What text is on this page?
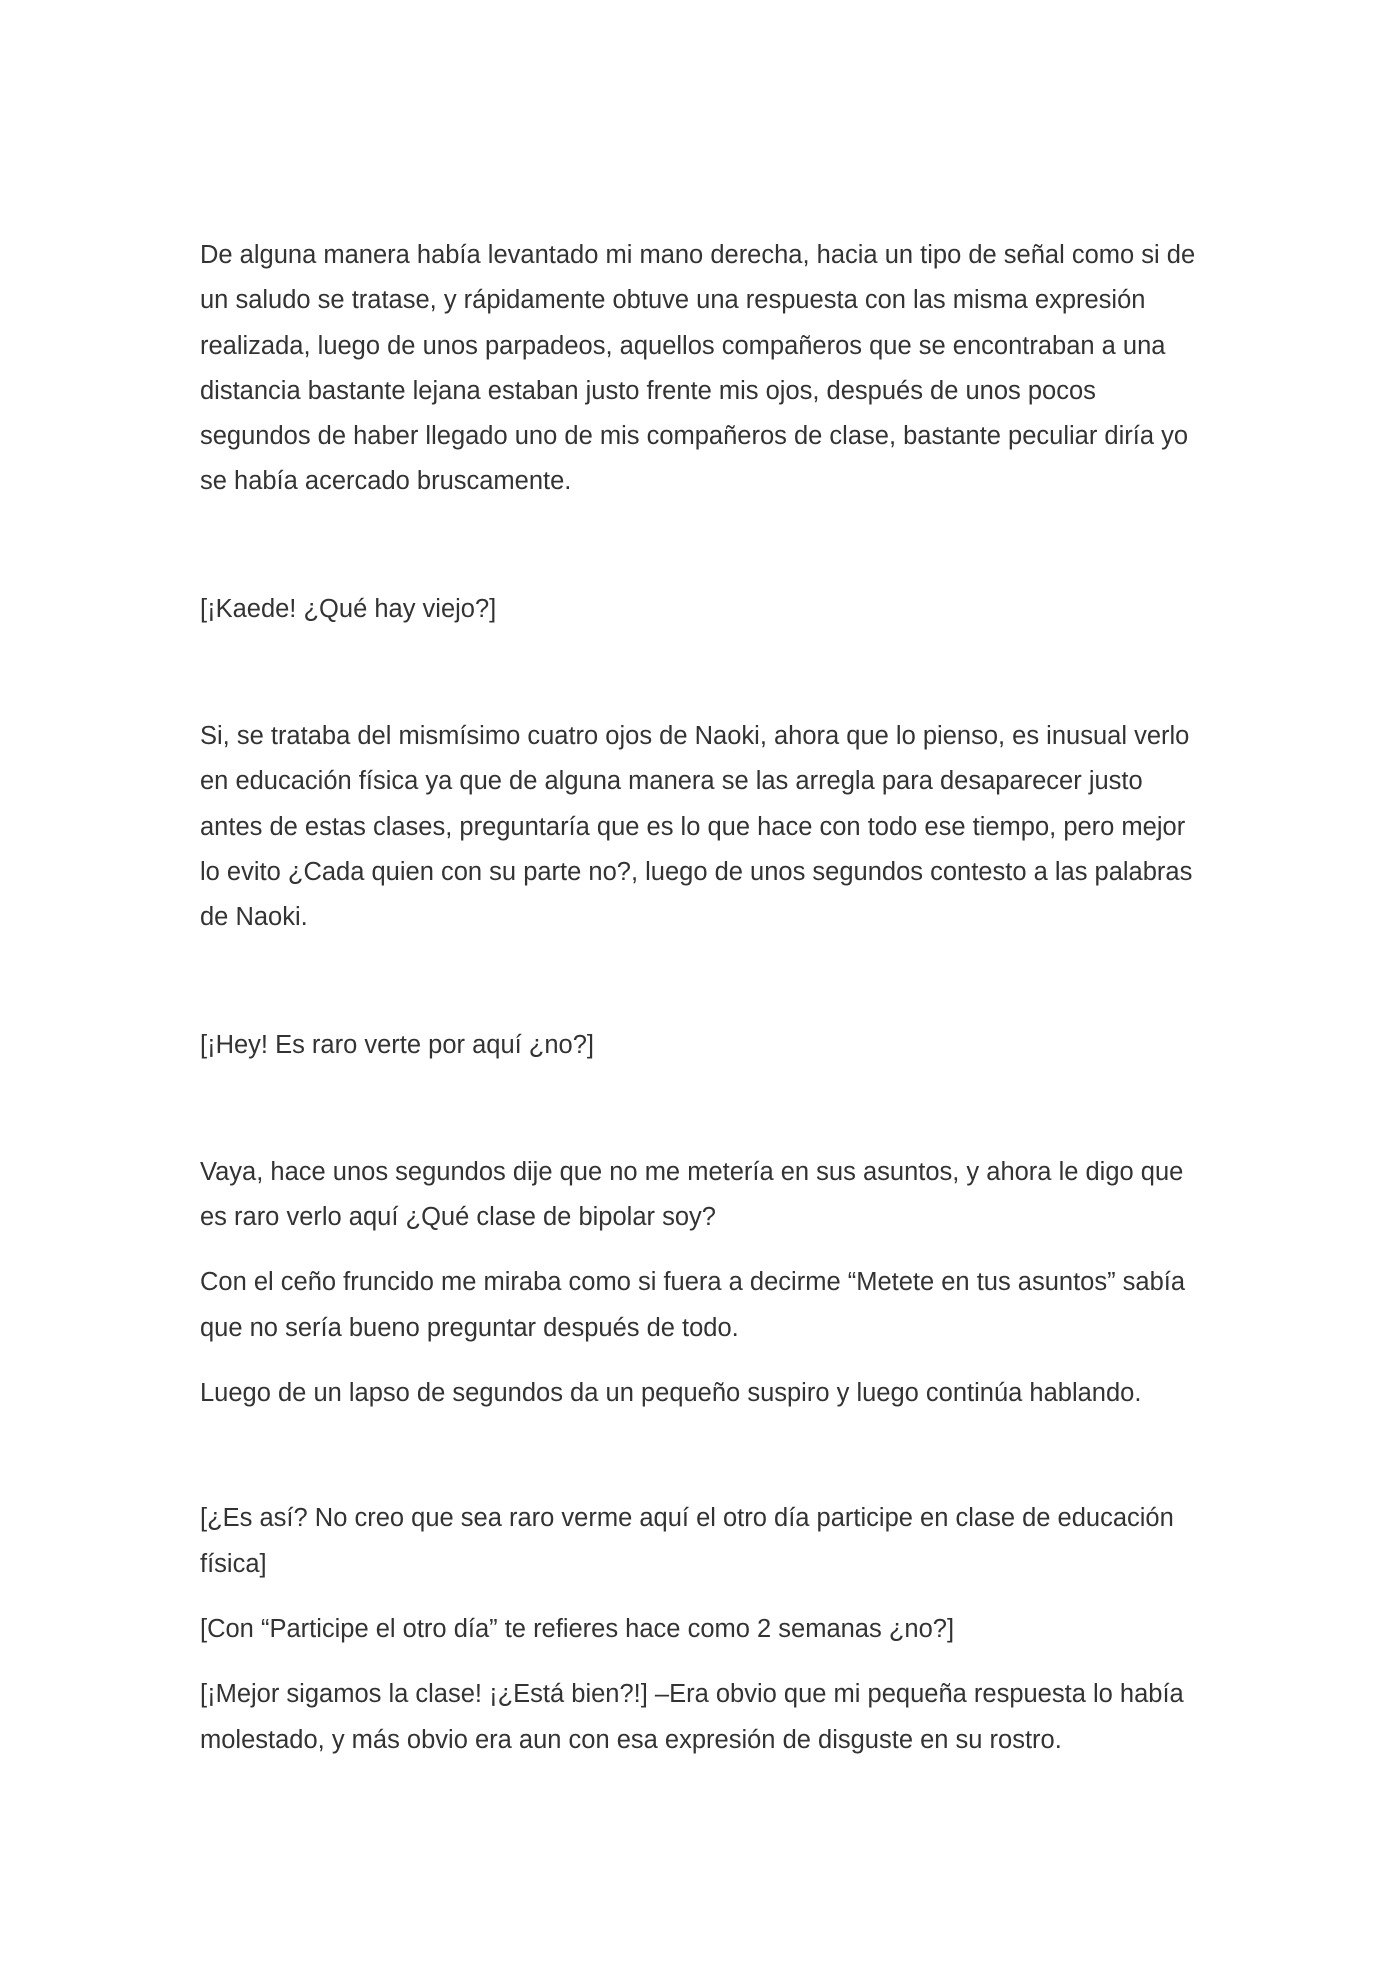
De alguna manera había levantado mi mano derecha, hacia un tipo de señal como si de un saludo se tratase, y rápidamente obtuve una respuesta con las misma expresión realizada, luego de unos parpadeos, aquellos compañeros que se encontraban a una distancia bastante lejana estaban justo frente mis ojos, después de unos pocos segundos de haber llegado uno de mis compañeros de clase, bastante peculiar diría yo se había acercado bruscamente.

[¡Kaede! ¿Qué hay viejo?]

Si, se trataba del mismísimo cuatro ojos de Naoki, ahora que lo pienso, es inusual verlo en educación física ya que de alguna manera se las arregla para desaparecer justo antes de estas clases, preguntaría que es lo que hace con todo ese tiempo, pero mejor lo evito ¿Cada quien con su parte no?, luego de unos segundos contesto a las palabras de Naoki.

[¡Hey! Es raro verte por aquí ¿no?]

Vaya, hace unos segundos dije que no me metería en sus asuntos, y ahora le digo que es raro verlo aquí ¿Qué clase de bipolar soy?

Con el ceño fruncido me miraba como si fuera a decirme “Metete en tus asuntos” sabía que no sería bueno preguntar después de todo.

Luego de un lapso de segundos da un pequeño suspiro y luego continúa hablando.

[¿Es así? No creo que sea raro verme aquí el otro día participe en clase de educación física]

[Con “Participe el otro día” te refieres hace como 2 semanas ¿no?]

[¡Mejor sigamos la clase! ¡¿Está bien?!] –Era obvio que mi pequeña respuesta lo había molestado, y más obvio era aun con esa expresión de disguste en su rostro.
